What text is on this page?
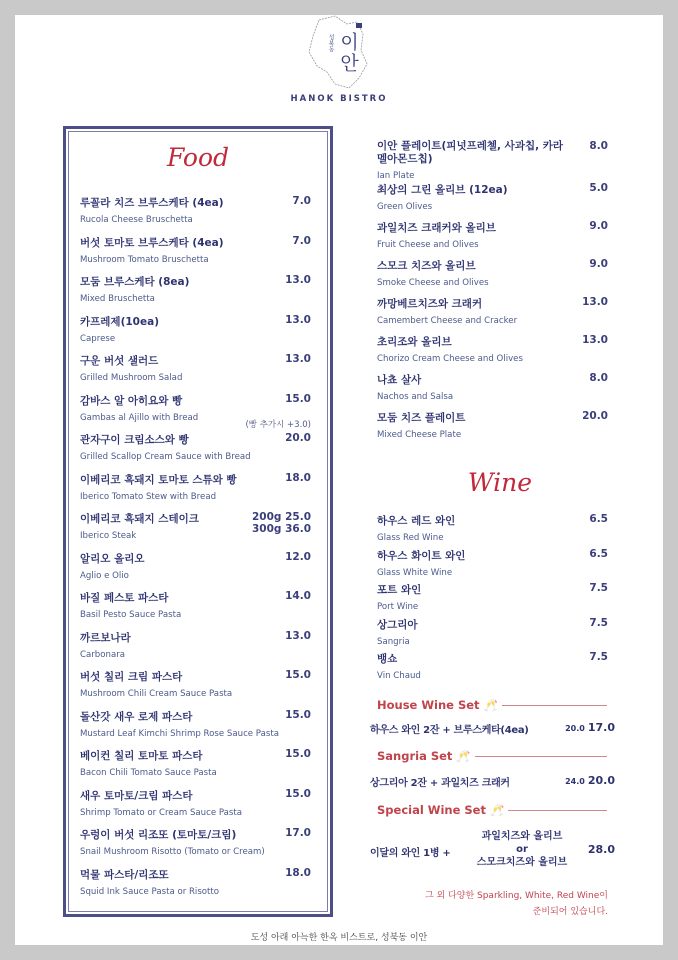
성북동 이안
HANOK BISTRO
Food
루꼴라 치즈 브루스케타 (4ea)
Rucola Cheese Bruschetta
7.0
버섯 토마토 브루스케타 (4ea)
Mushroom Tomato Bruschetta
7.0
모둠 브루스케타 (8ea)
Mixed Bruschetta
13.0
카프레제(10ea)
Caprese
13.0
구운 버섯 샐러드
Grilled Mushroom Salad
13.0
감바스 알 아히요와 빵
Gambas al Ajillo with Bread
15.0
(빵 추가시 +3.0)
관자구이 크림소스와 빵
Grilled Scallop Cream Sauce with Bread
20.0
이베리코 흑돼지 토마토 스튜와 빵
Iberico Tomato Stew with Bread
18.0
이베리코 흑돼지 스테이크
Iberico Steak
200g 25.0
300g 36.0
알리오 올리오
Aglio e Olio
12.0
바질 페스토 파스타
Basil Pesto Sauce Pasta
14.0
까르보나라
Carbonara
13.0
버섯 칠리 크림 파스타
Mushroom Chili Cream Sauce Pasta
15.0
돌산갓 새우 로제 파스타
Mustard Leaf Kimchi Shrimp Rose Sauce Pasta
15.0
베이컨 칠리 토마토 파스타
Bacon Chili Tomato Sauce Pasta
15.0
새우 토마토/크림 파스타
Shrimp Tomato or Cream Sauce Pasta
15.0
우렁이 버섯 리조또 (토마토/크림)
Snail Mushroom Risotto (Tomato or Cream)
17.0
먹물 파스타/리조또
Squid Ink Sauce Pasta or Risotto
18.0
이안 플레이트(피넛프레첼, 사과칩, 카라멜아몬드칩)
Ian Plate
8.0
최상의 그린 올리브 (12ea)
Green Olives
5.0
과일치즈 크래커와 올리브
Fruit Cheese and Olives
9.0
스모크 치즈와 올리브
Smoke Cheese and Olives
9.0
까망베르치즈와 크래커
Camembert Cheese and Cracker
13.0
초리조와 올리브
Chorizo Cream Cheese and Olives
13.0
나쵸 살사
Nachos and Salsa
8.0
모둠 치즈 플레이트
Mixed Cheese Plate
20.0
Wine
하우스 레드 와인
Glass Red Wine
6.5
하우스 화이트 와인
Glass White Wine
6.5
포트 와인
Port Wine
7.5
상그리아
Sangria
7.5
뱅쇼
Vin Chaud
7.5
House Wine Set 🥂
하우스 와인 2잔 + 브루스케타(4ea)	20.0 17.0
Sangria Set 🥂
상그리아 2잔 + 과일치즈 크래커	24.0 20.0
Special Wine Set 🥂
이달의 와인 1병 +
과일치즈와 올리브
or
스모크치즈와 올리브
28.0
그 외 다양한 Sparkling, White, Red Wine이
준비되어 있습니다.
도성 아래 아늑한 한옥 비스트로, 성북동 이안
